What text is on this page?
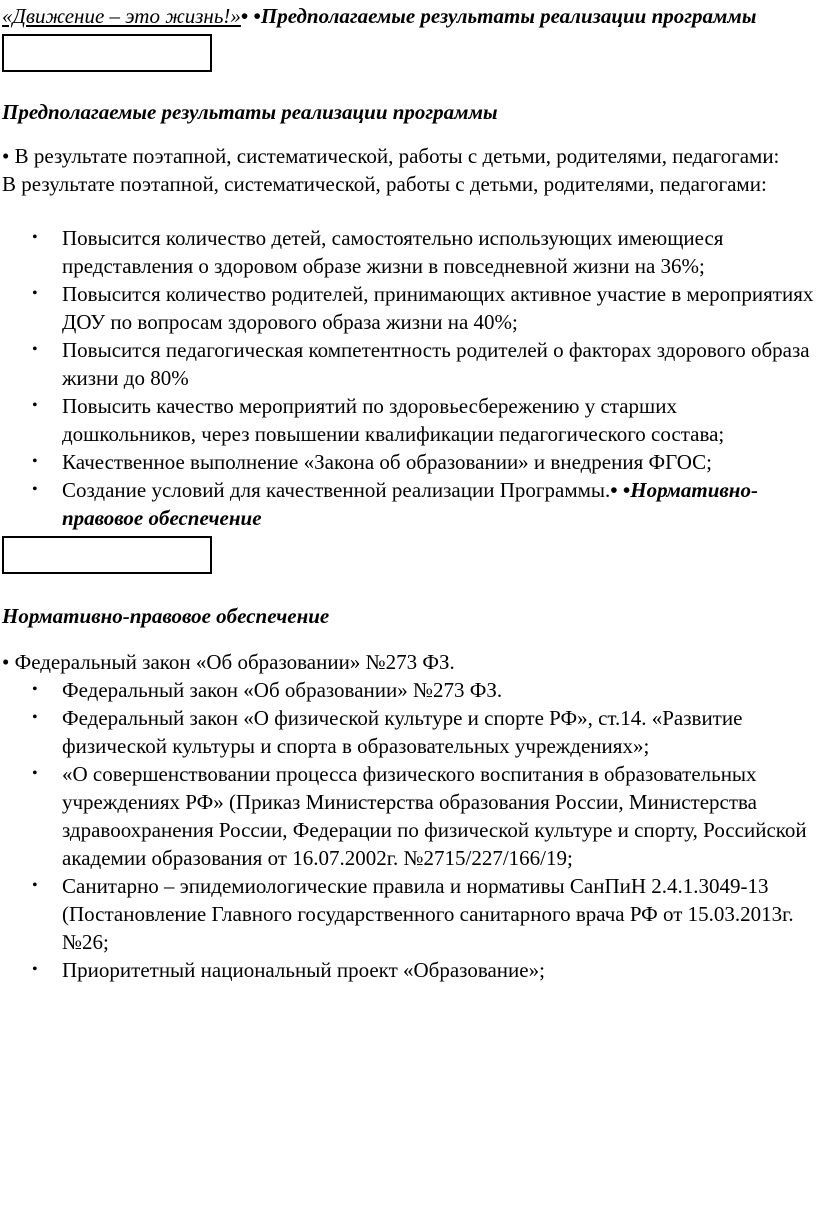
«Движение – это жизнь!»• •Предполагаемые результаты реализации программы
Предполагаемые результаты реализации программы

• В результате поэтапной, систематической, работы с детьми, родителями, педагогами:

В результате поэтапной, систематической, работы с детьми, родителями, педагогами:

• Повысится количество детей, самостоятельно использующих имеющиеся представления о здоровом образе жизни в повседневной жизни на 36%;
• Повысится количество родителей, принимающих активное участие в мероприятиях ДОУ по вопросам здорового образа жизни на 40%;
• Повысится педагогическая компетентность родителей о факторах здорового образа жизни до 80%
• Повысить качество мероприятий по здоровьесбережению у старших дошкольников, через повышении квалификации педагогического состава;
• Качественное выполнение «Закона об образовании» и внедрения ФГОС;
• Создание условий для качественной реализации Программы.• •Нормативно-правовое обеспечение
Нормативно-правовое обеспечение

• Федеральный закон «Об образовании» №273 ФЗ.

• Федеральный закон «Об образовании» №273 ФЗ.
• Федеральный закон «О физической культуре и спорте РФ», ст.14. «Развитие физической культуры и спорта в образовательных учреждениях»;
• «О совершенствовании процесса физического воспитания в образовательных учреждениях РФ» (Приказ Министерства образования России, Министерства здравоохранения России, Федерации по физической культуре и спорту, Российской академии образования от 16.07.2002г. №2715/227/166/19;
• Санитарно – эпидемиологические правила и нормативы СанПиН 2.4.1.3049-13 (Постановление Главного государственного санитарного врача РФ от 15.03.2013г. №26;
• Приоритетный национальный проект «Образование»;
